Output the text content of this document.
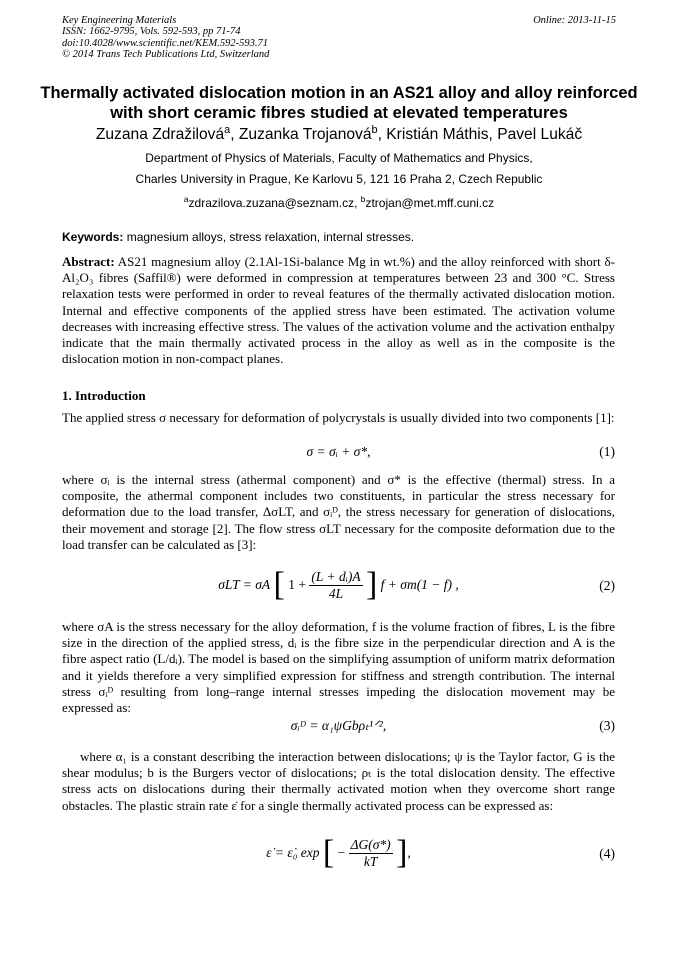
Key Engineering Materials
ISSN: 1662-9795, Vols. 592-593, pp 71-74
doi:10.4028/www.scientific.net/KEM.592-593.71
© 2014 Trans Tech Publications Ltd, Switzerland
Online: 2013-11-15
Thermally activated dislocation motion in an AS21 alloy and alloy reinforced with short ceramic fibres studied at elevated temperatures
Zuzana Zdražilová$^a$, Zuzanka Trojanová$^b$, Kristián Máthis, Pavel Lukáč
Department of Physics of Materials, Faculty of Mathematics and Physics,
Charles University in Prague, Ke Karlovu 5, 121 16 Praha 2, Czech Republic
$^a$zdrazilova.zuzana@seznam.cz, $^b$ztrojan@met.mff.cuni.cz
Keywords: magnesium alloys, stress relaxation, internal stresses.
Abstract: AS21 magnesium alloy (2.1Al-1Si-balance Mg in wt.%) and the alloy reinforced with short δ-Al₂O₃ fibres (Saffil®) were deformed in compression at temperatures between 23 and 300 °C. Stress relaxation tests were performed in order to reveal features of the thermally activated dislocation motion. Internal and effective components of the applied stress have been estimated. The activation volume decreases with increasing effective stress. The values of the activation volume and the activation enthalpy indicate that the main thermally activated process in the alloy as well as in the composite is the dislocation motion in non-compact planes.
1. Introduction
The applied stress σ necessary for deformation of polycrystals is usually divided into two components [1]:
σ = σᵢ + σ*,	(1)
where σᵢ is the internal stress (athermal component) and σ* is the effective (thermal) stress. In a composite, the athermal component includes two constituents, in particular the stress necessary for deformation due to the load transfer, ΔσLT, and σᵢᴰ, the stress necessary for generation of dislocations, their movement and storage [2]. The flow stress σLT necessary for the composite deformation due to the load transfer can be calculated as [3]:
σLT = σA [ $1 + \frac{\text{(L + dᵢ)A}}{4L}$ ] f + σm(1 − f) ,	(2)
where σA is the stress necessary for the alloy deformation, f is the volume fraction of fibres, L is the fibre size in the direction of the applied stress, dᵢ is the fibre size in the perpendicular direction and A is the fibre aspect ratio (L/dᵢ). The model is based on the simplifying assumption of uniform matrix deformation and it yields therefore a very simplified expression for stiffness and strength contribution. The internal stress σᵢᴰ resulting from long–range internal stresses impeding the dislocation movement may be expressed as:
σᵢᴰ = α₁ψGbρₜ¹ᐟ²,	(3)
where α₁ is a constant describing the interaction between dislocations; ψ is the Taylor factor, G is the shear modulus; b is the Burgers vector of dislocations; ρₜ is the total dislocation density. The effective stress acts on dislocations during their thermally activated motion when they overcome short range obstacles. The plastic strain rate ε̇ for a single thermally activated process can be expressed as:
ε̇ = ε̇₀ exp [ − $\frac{\Delta G(\sigma*)}{kT}$ ],	(4)
